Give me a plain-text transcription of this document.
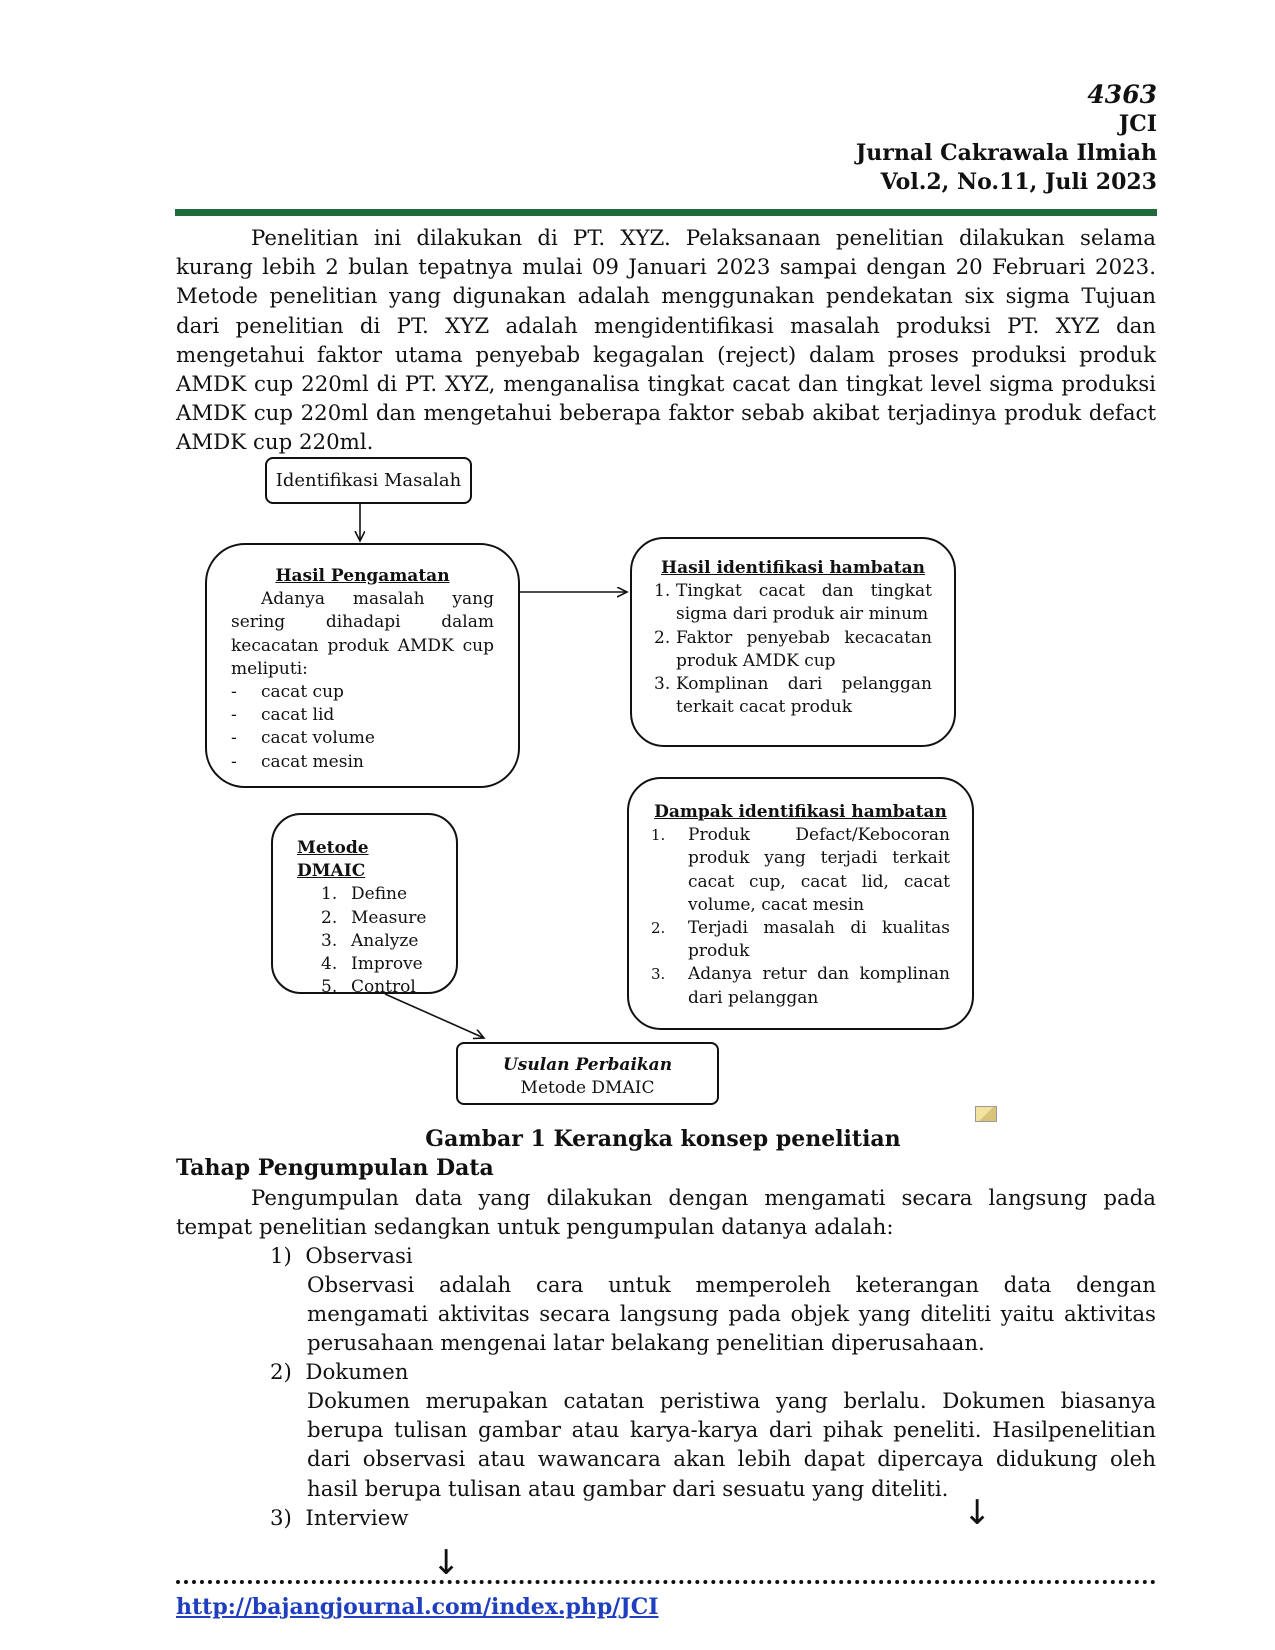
4363
JCI
Jurnal Cakrawala Ilmiah
Vol.2, No.11, Juli 2023

Penelitian ini dilakukan di PT. XYZ. Pelaksanaan penelitian dilakukan selama kurang lebih 2 bulan tepatnya mulai 09 Januari 2023 sampai dengan 20 Februari 2023. Metode penelitian yang digunakan adalah menggunakan pendekatan six sigma Tujuan dari penelitian di PT. XYZ adalah mengidentifikasi masalah produksi PT. XYZ dan mengetahui faktor utama penyebab kegagalan (reject) dalam proses produksi produk AMDK cup 220ml di PT. XYZ, menganalisa tingkat cacat dan tingkat level sigma produksi AMDK cup 220ml dan mengetahui beberapa faktor sebab akibat terjadinya produk defact AMDK cup 220ml.

Identifikasi Masalah
Hasil Pengamatan
Adanya masalah yang sering dihadapi dalam kecacatan produk AMDK cup meliputi:
- cacat cup
- cacat lid
- cacat volume
- cacat mesin
Hasil identifikasi hambatan
1. Tingkat cacat dan tingkat sigma dari produk air minum
2. Faktor penyebab kecacatan produk AMDK cup
3. Komplinan dari pelanggan terkait cacat produk
Metode DMAIC
1. Define
2. Measure
3. Analyze
4. Improve
5. Control
Dampak identifikasi hambatan
1. Produk Defact/Kebocoran produk yang terjadi terkait cacat cup, cacat lid, cacat volume, cacat mesin
2. Terjadi masalah di kualitas produk
3. Adanya retur dan komplinan dari pelanggan
Usulan Perbaikan
Metode DMAIC
Gambar 1 Kerangka konsep penelitian
Tahap Pengumpulan Data

Pengumpulan data yang dilakukan dengan mengamati secara langsung pada tempat penelitian sedangkan untuk pengumpulan datanya adalah:

1) Observasi
Observasi adalah cara untuk memperoleh keterangan data dengan mengamati aktivitas secara langsung pada objek yang diteliti yaitu aktivitas perusahaan mengenai latar belakang penelitian diperusahaan.
2) Dokumen
Dokumen merupakan catatan peristiwa yang berlalu. Dokumen biasanya berupa tulisan gambar atau karya-karya dari pihak peneliti. Hasilpenelitian dari observasi atau wawancara akan lebih dapat dipercaya didukung oleh hasil berupa tulisan atau gambar dari sesuatu yang diteliti.
3) Interview	↓
↓
http://bajangjournal.com/index.php/JCI
